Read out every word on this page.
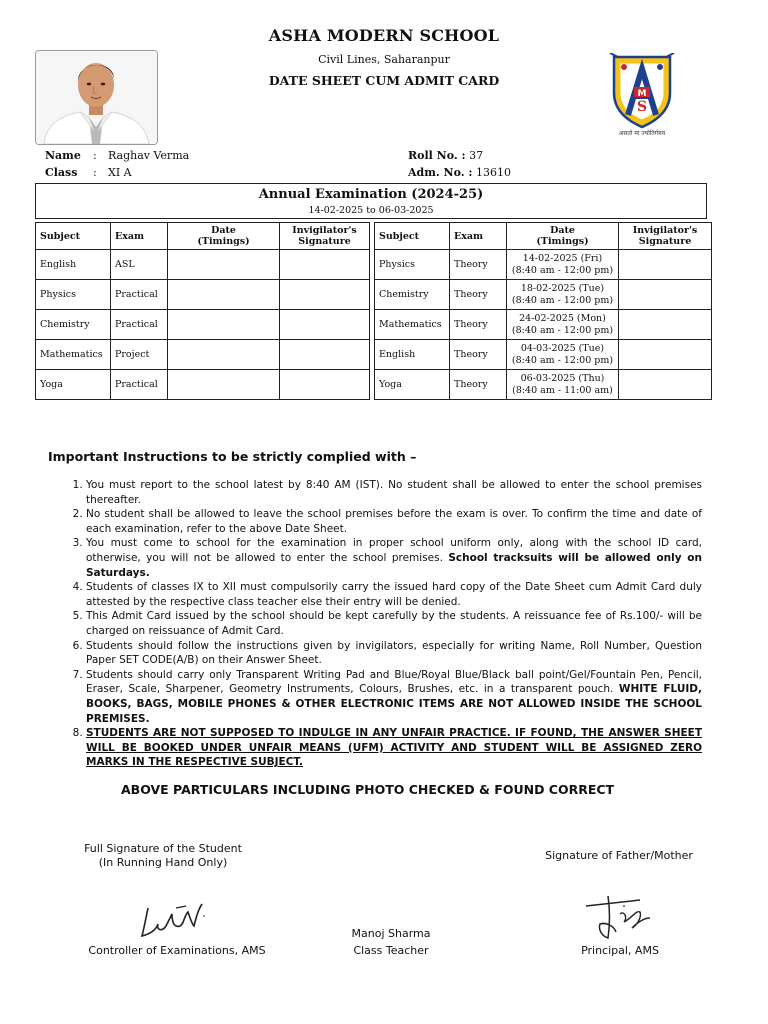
ASHA MODERN SCHOOL
Civil Lines, Saharanpur
DATE SHEET CUM ADMIT CARD
M
S
असतो मा ज्योतिर्गमय
Name : Raghav Verma
Class : XI A
Roll No. : 37
Adm. No. : 13610
Annual Examination (2024-25)
14-02-2025 to 06-03-2025
Subject	Exam	Date
(Timings)	Invigilator's
Signature
English	ASL		
Physics	Practical		
Chemistry	Practical		
Mathematics	Project		
Yoga	Practical		
Subject	Exam	Date
(Timings)	Invigilator's
Signature
Physics	Theory	14-02-2025 (Fri)
(8:40 am - 12:00 pm)	
Chemistry	Theory	18-02-2025 (Tue)
(8:40 am - 12:00 pm)	
Mathematics	Theory	24-02-2025 (Mon)
(8:40 am - 12:00 pm)	
English	Theory	04-03-2025 (Tue)
(8:40 am - 12:00 pm)	
Yoga	Theory	06-03-2025 (Thu)
(8:40 am - 11:00 am)	
Important Instructions to be strictly complied with –
1. You must report to the school latest by 8:40 AM (IST). No student shall be allowed to enter the school premises thereafter.
2. No student shall be allowed to leave the school premises before the exam is over. To confirm the time and date of each examination, refer to the above Date Sheet.
3. You must come to school for the examination in proper school uniform only, along with the school ID card, otherwise, you will not be allowed to enter the school premises. School tracksuits will be allowed only on Saturdays.
4. Students of classes IX to XII must compulsorily carry the issued hard copy of the Date Sheet cum Admit Card duly attested by the respective class teacher else their entry will be denied.
5. This Admit Card issued by the school should be kept carefully by the students. A reissuance fee of Rs.100/- will be charged on reissuance of Admit Card.
6. Students should follow the instructions given by invigilators, especially for writing Name, Roll Number, Question Paper SET CODE(A/B) on their Answer Sheet.
7. Students should carry only Transparent Writing Pad and Blue/Royal Blue/Black ball point/Gel/Fountain Pen, Pencil, Eraser, Scale, Sharpener, Geometry Instruments, Colours, Brushes, etc. in a transparent pouch. WHITE FLUID, BOOKS, BAGS, MOBILE PHONES & OTHER ELECTRONIC ITEMS ARE NOT ALLOWED INSIDE THE SCHOOL PREMISES.
8. STUDENTS ARE NOT SUPPOSED TO INDULGE IN ANY UNFAIR PRACTICE. IF FOUND, THE ANSWER SHEET WILL BE BOOKED UNDER UNFAIR MEANS (UFM) ACTIVITY AND STUDENT WILL BE ASSIGNED ZERO MARKS IN THE RESPECTIVE SUBJECT.
ABOVE PARTICULARS INCLUDING PHOTO CHECKED & FOUND CORRECT
Full Signature of the Student
(In Running Hand Only)
Signature of Father/Mother
Controller of Examinations, AMS
Manoj Sharma
Class Teacher	Principal, AMS
